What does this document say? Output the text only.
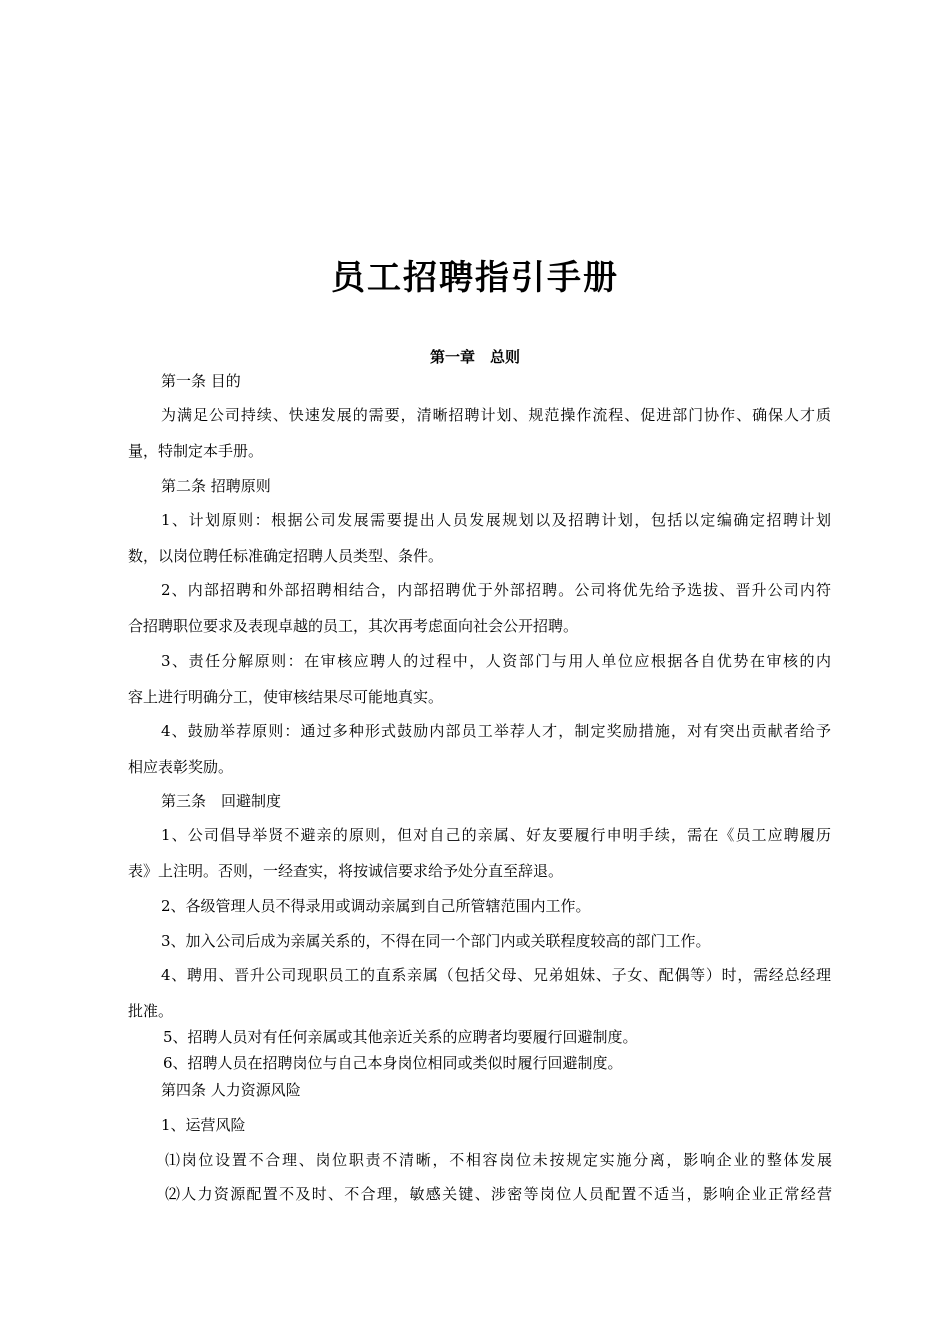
员工招聘指引手册
第一章　总则
第一条 目的
为满足公司持续、快速发展的需要，清晰招聘计划、规范操作流程、促进部门协作、确保人才质
量，特制定本手册。
第二条 招聘原则
1、计划原则：根据公司发展需要提出人员发展规划以及招聘计划，包括以定编确定招聘计划
数，以岗位聘任标准确定招聘人员类型、条件。
2、内部招聘和外部招聘相结合，内部招聘优于外部招聘。公司将优先给予选拔、晋升公司内符
合招聘职位要求及表现卓越的员工，其次再考虑面向社会公开招聘。
3、责任分解原则：在审核应聘人的过程中，人资部门与用人单位应根据各自优势在审核的内
容上进行明确分工，使审核结果尽可能地真实。
4、鼓励举荐原则：通过多种形式鼓励内部员工举荐人才，制定奖励措施，对有突出贡献者给予
相应表彰奖励。
第三条　回避制度
1、公司倡导举贤不避亲的原则，但对自己的亲属、好友要履行申明手续，需在《员工应聘履历
表》上注明。否则，一经查实，将按诚信要求给予处分直至辞退。
2、各级管理人员不得录用或调动亲属到自己所管辖范围内工作。
3、加入公司后成为亲属关系的，不得在同一个部门内或关联程度较高的部门工作。
4、聘用、晋升公司现职员工的直系亲属（包括父母、兄弟姐妹、子女、配偶等）时，需经总经理
批准。
5、招聘人员对有任何亲属或其他亲近关系的应聘者均要履行回避制度。
6、招聘人员在招聘岗位与自己本身岗位相同或类似时履行回避制度。
第四条 人力资源风险
1、运营风险
⑴岗位设置不合理、岗位职责不清晰，不相容岗位未按规定实施分离，影响企业的整体发展
⑵人力资源配置不及时、不合理，敏感关键、涉密等岗位人员配置不适当，影响企业正常经营
